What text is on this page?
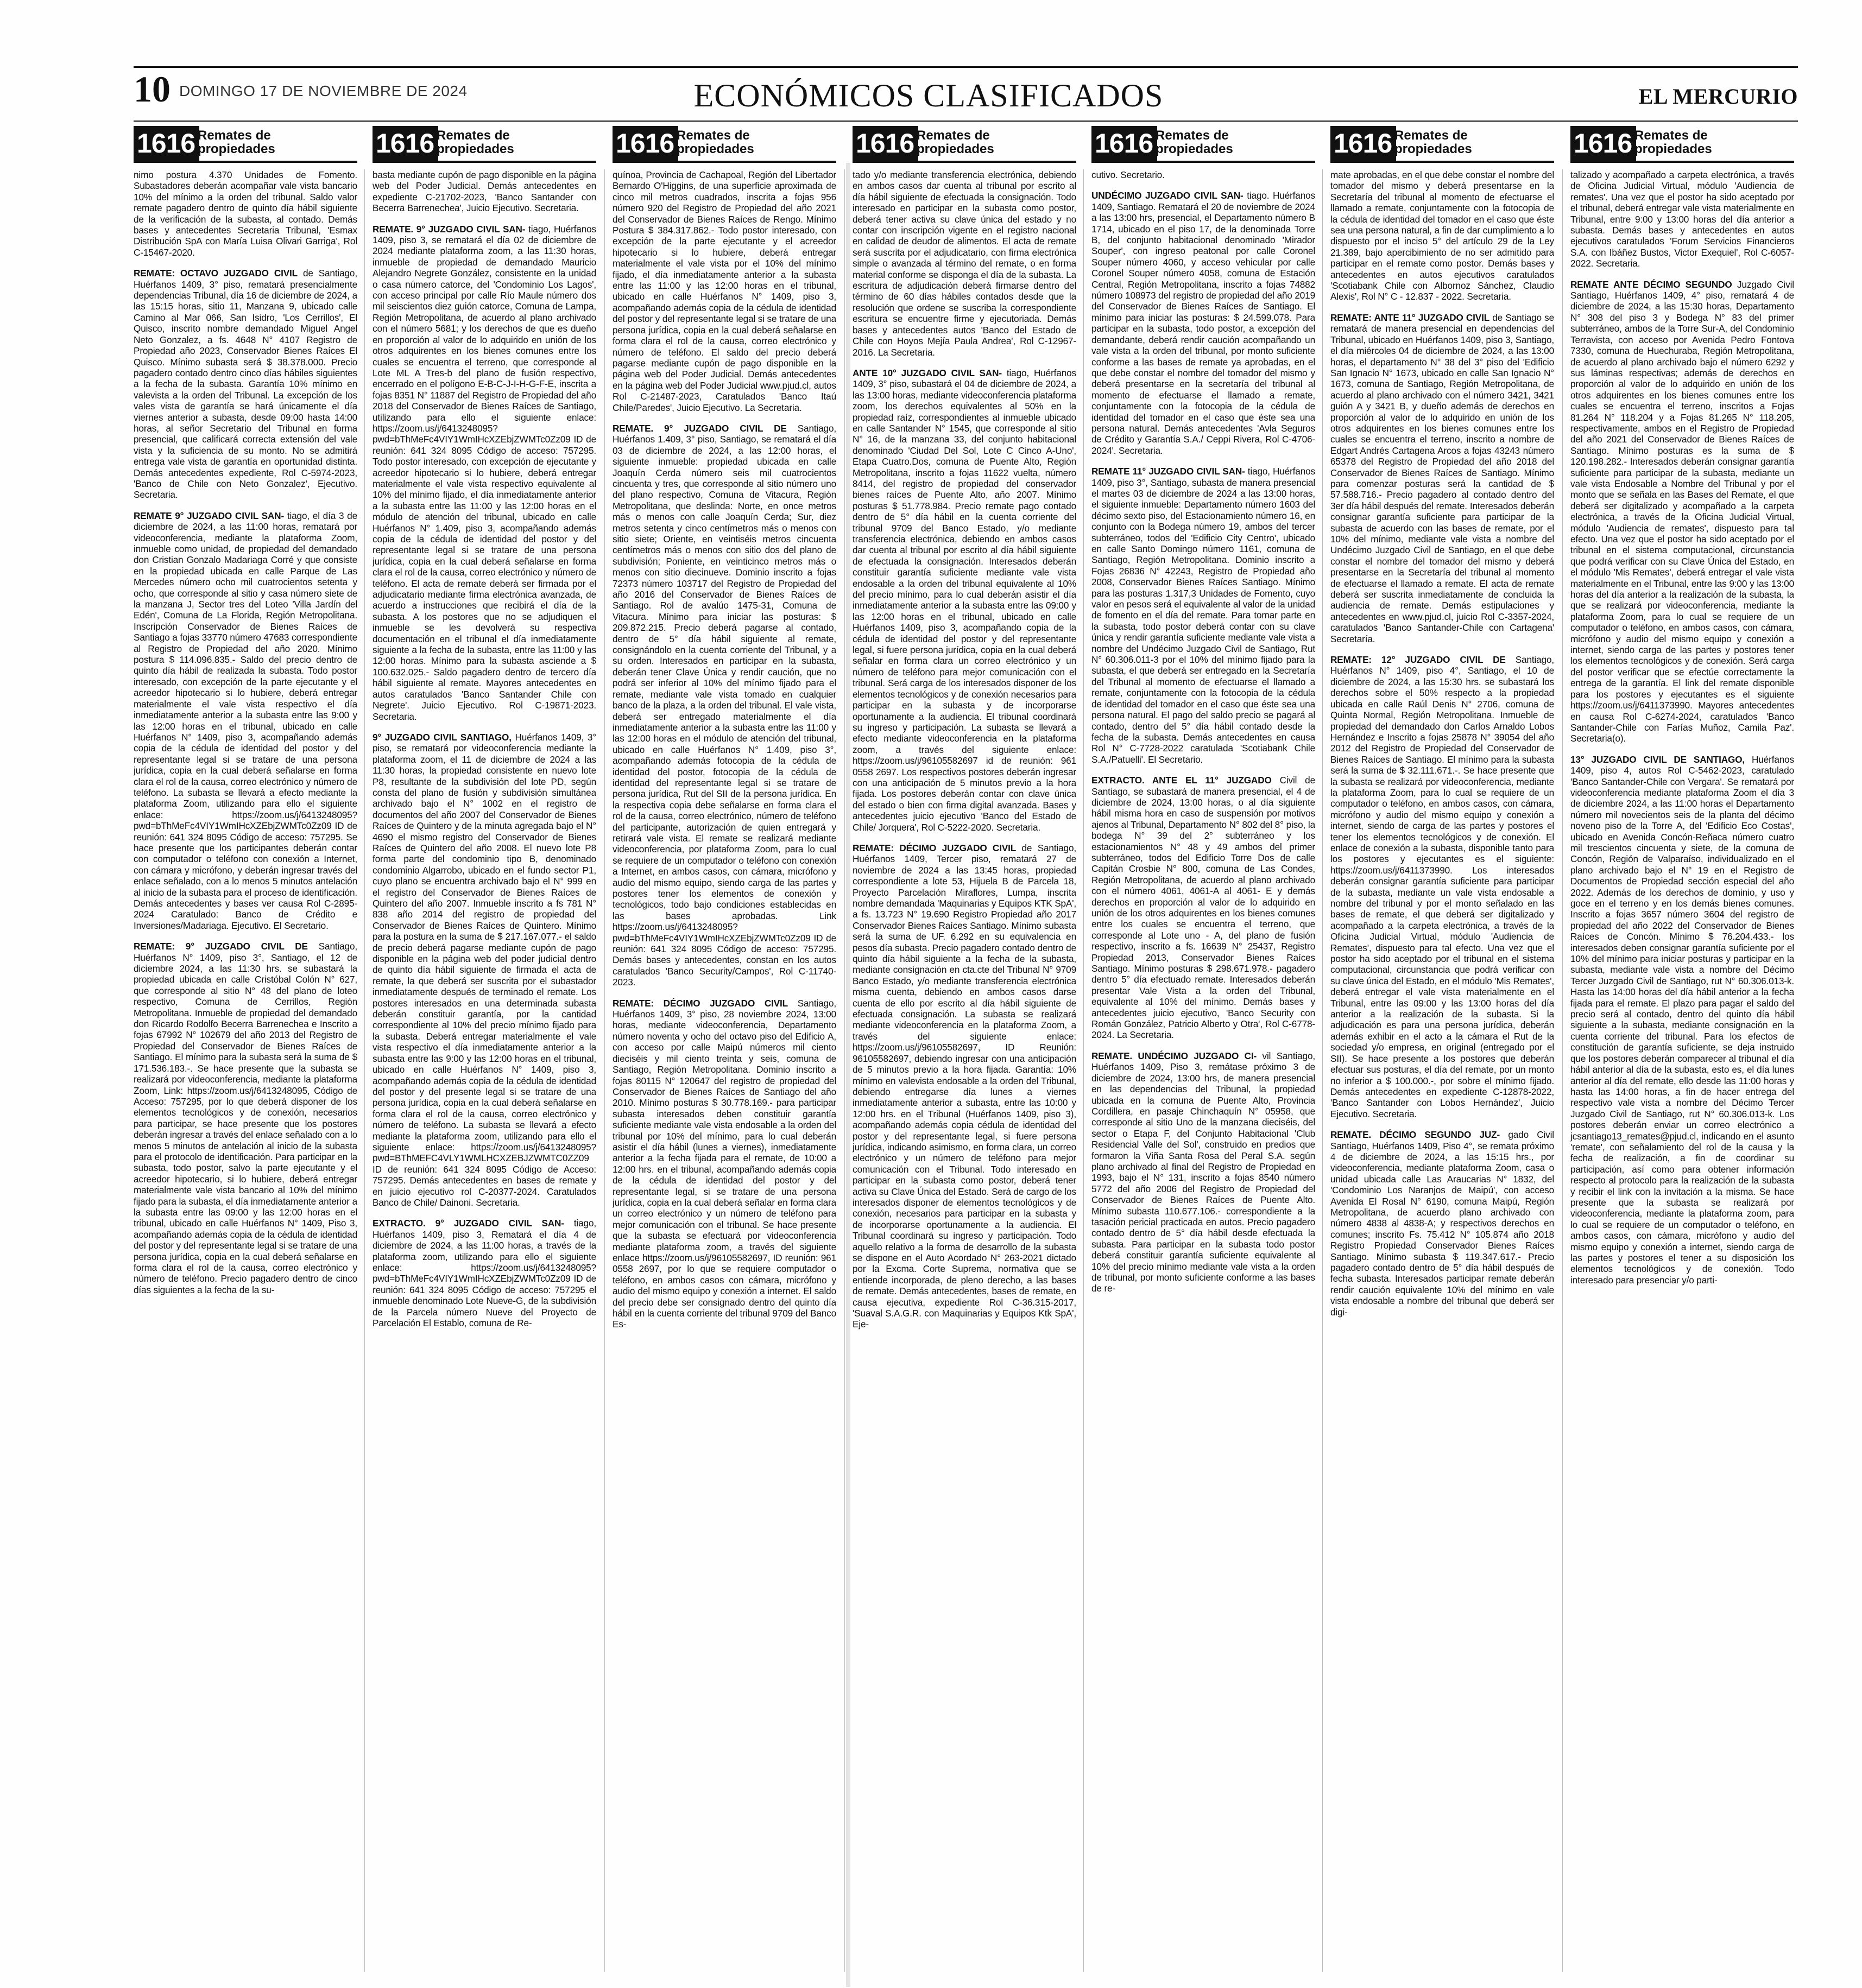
10 DOMINGO 17 DE NOVIEMBRE DE 2024	ECONÓMICOS CLASIFICADOS	EL MERCURIO
1616 Remates de
propiedades

nimo postura 4.370 Unidades de Fomento. Subastadores deberán acompañar vale vista bancario 10% del mínimo a la orden del tribunal. Saldo valor remate pagadero dentro de quinto día hábil siguiente de la verificación de la subasta, al contado. Demás bases y antecedentes Secretaria Tribunal, 'Esmax Distribución SpA con María Luisa Olivari Garriga', Rol C-15467-2020.

REMATE: OCTAVO JUZGADO CIVIL de Santiago, Huérfanos 1409, 3° piso, rematará presencialmente dependencias Tribunal, día 16 de diciembre de 2024, a las 15:15 horas, sitio 11, Manzana 9, ubicado calle Camino al Mar 066, San Isidro, 'Los Cerrillos', El Quisco, inscrito nombre demandado Miguel Angel Neto Gonzalez, a fs. 4648 N° 4107 Registro de Propiedad año 2023, Conservador Bienes Raíces El Quisco. Mínimo subasta será $ 38.378.000. Precio pagadero contado dentro cinco días hábiles siguientes a la fecha de la subasta. Garantía 10% mínimo en valevista a la orden del Tribunal. La excepción de los vales vista de garantía se hará únicamente el día viernes anterior a subasta, desde 09:00 hasta 14:00 horas, al señor Secretario del Tribunal en forma presencial, que calificará correcta extensión del vale vista y la suficiencia de su monto. No se admitirá entrega vale vista de garantía en oportunidad distinta. Demás antecedentes expediente, Rol C-5974-2023, 'Banco de Chile con Neto Gonzalez', Ejecutivo. Secretaria.

REMATE 9° JUZGADO CIVIL SAN- tiago, el día 3 de diciembre de 2024, a las 11:00 horas, rematará por videoconferencia, mediante la plataforma Zoom, inmueble como unidad, de propiedad del demandado don Cristian Gonzalo Madariaga Corré y que consiste en la propiedad ubicada en calle Parque de Las Mercedes número ocho mil cuatrocientos setenta y ocho, que corresponde al sitio y casa número siete de la manzana J, Sector tres del Loteo 'Villa Jardín del Edén', Comuna de La Florida, Región Metropolitana. Inscripción Conservador de Bienes Raíces de Santiago a fojas 33770 número 47683 correspondiente al Registro de Propiedad del año 2020. Mínimo postura $ 114.096.835.- Saldo del precio dentro de quinto día hábil de realizada la subasta. Todo postor interesado, con excepción de la parte ejecutante y el acreedor hipotecario si lo hubiere, deberá entregar materialmente el vale vista respectivo el día inmediatamente anterior a la subasta entre las 9:00 y las 12:00 horas en el tribunal, ubicado en calle Huérfanos N° 1409, piso 3, acompañando además copia de la cédula de identidad del postor y del representante legal si se tratare de una persona jurídica, copia en la cual deberá señalarse en forma clara el rol de la causa, correo electrónico y número de teléfono. La subasta se llevará a efecto mediante la plataforma Zoom, utilizando para ello el siguiente enlace: https://zoom.us/j/6413248095?pwd=bThMeFc4VIY1WmIHcXZEbjZWMTc0Zz09 ID de reunión: 641 324 8095 Código de acceso: 757295. Se hace presente que los participantes deberán contar con computador o teléfono con conexión a Internet, con cámara y micrófono, y deberán ingresar través del enlace señalado, con a lo menos 5 minutos antelación al inicio de la subasta para el proceso de identificación. Demás antecedentes y bases ver causa Rol C-2895-2024 Caratulado: Banco de Crédito e Inversiones/Madariaga. Ejecutivo. El Secretario.

REMATE: 9° JUZGADO CIVIL DE Santiago, Huérfanos N° 1409, piso 3°, Santiago, el 12 de diciembre 2024, a las 11:30 hrs. se subastará la propiedad ubicada en calle Cristóbal Colón N° 627, que corresponde al sitio N° 48 del plano de loteo respectivo, Comuna de Cerrillos, Región Metropolitana. Inmueble de propiedad del demandado don Ricardo Rodolfo Becerra Barrenechea e Inscrito a fojas 67992 N° 102679 del año 2013 del Registro de Propiedad del Conservador de Bienes Raíces de Santiago. El mínimo para la subasta será la suma de $ 171.536.183.-. Se hace presente que la subasta se realizará por videoconferencia, mediante la plataforma Zoom, Link: https://zoom.us/j/6413248095, Código de Acceso: 757295, por lo que deberá disponer de los elementos tecnológicos y de conexión, necesarios para participar, se hace presente que los postores deberán ingresar a través del enlace señalado con a lo menos 5 minutos de antelación al inicio de la subasta para el protocolo de identificación. Para participar en la subasta, todo postor, salvo la parte ejecutante y el acreedor hipotecario, si lo hubiere, deberá entregar materialmente vale vista bancario al 10% del mínimo fijado para la subasta, el día inmediatamente anterior a la subasta entre las 09:00 y las 12:00 horas en el tribunal, ubicado en calle Huérfanos N° 1409, Piso 3, acompañando además copia de la cédula de identidad del postor y del representante legal si se tratare de una persona jurídica, copia en la cual deberá señalarse en forma clara el rol de la causa, correo electrónico y número de teléfono. Precio pagadero dentro de cinco días siguientes a la fecha de la su-

1616 Remates de
propiedades

basta mediante cupón de pago disponible en la página web del Poder Judicial. Demás antecedentes en expediente C-21702-2023, 'Banco Santander con Becerra Barrenechea', Juicio Ejecutivo. Secretaria.

REMATE. 9° JUZGADO CIVIL SAN- tiago, Huérfanos 1409, piso 3, se rematará el día 02 de diciembre de 2024 mediante plataforma zoom, a las 11:30 horas, inmueble de propiedad de demandado Mauricio Alejandro Negrete González, consistente en la unidad o casa número catorce, del 'Condominio Los Lagos', con acceso principal por calle Río Maule número dos mil seiscientos diez guión catorce, Comuna de Lampa, Región Metropolitana, de acuerdo al plano archivado con el número 5681; y los derechos de que es dueño en proporción al valor de lo adquirido en unión de los otros adquirentes en los bienes comunes entre los cuales se encuentra el terreno, que corresponde al Lote ML A Tres-b del plano de fusión respectivo, encerrado en el polígono E-B-C-J-I-H-G-F-E, inscrita a fojas 8351 N° 11887 del Registro de Propiedad del año 2018 del Conservador de Bienes Raíces de Santiago, utilizando para ello el siguiente enlace: https://zoom.us/j/6413248095?pwd=bThMeFc4VIY1WmIHcXZEbjZWMTc0Zz09 ID de reunión: 641 324 8095 Código de acceso: 757295. Todo postor interesado, con excepción de ejecutante y acreedor hipotecario si lo hubiere, deberá entregar materialmente el vale vista respectivo equivalente al 10% del mínimo fijado, el día inmediatamente anterior a la subasta entre las 11:00 y las 12:00 horas en el módulo de atención del tribunal, ubicado en calle Huérfanos N° 1.409, piso 3, acompañando además copia de la cédula de identidad del postor y del representante legal si se tratare de una persona jurídica, copia en la cual deberá señalarse en forma clara el rol de la causa, correo electrónico y número de teléfono. El acta de remate deberá ser firmada por el adjudicatario mediante firma electrónica avanzada, de acuerdo a instrucciones que recibirá el día de la subasta. A los postores que no se adjudiquen el inmueble se les devolverá su respectiva documentación en el tribunal el día inmediatamente siguiente a la fecha de la subasta, entre las 11:00 y las 12:00 horas. Mínimo para la subasta asciende a $ 100.632.025.- Saldo pagadero dentro de tercero día hábil siguiente al remate. Mayores antecedentes en autos caratulados 'Banco Santander Chile con Negrete'. Juicio Ejecutivo. Rol C-19871-2023. Secretaria.

9° JUZGADO CIVIL SANTIAGO, Huérfanos 1409, 3° piso, se rematará por videoconferencia mediante la plataforma zoom, el 11 de diciembre de 2024 a las 11:30 horas, la propiedad consistente en nuevo lote P8, resultante de la subdivisión del lote PD, según consta del plano de fusión y subdivisión simultánea archivado bajo el N° 1002 en el registro de documentos del año 2007 del Conservador de Bienes Raíces de Quintero y de la minuta agregada bajo el N° 4690 el mismo registro del Conservador de Bienes Raíces de Quintero del año 2008. El nuevo lote P8 forma parte del condominio tipo B, denominado condominio Algarrobo, ubicado en el fundo sector P1, cuyo plano se encuentra archivado bajo el N° 999 en el registro del Conservador de Bienes Raíces de Quintero del año 2007. Inmueble inscrito a fs 781 N° 838 año 2014 del registro de propiedad del Conservador de Bienes Raíces de Quintero. Mínimo para la postura en la suma de $ 217.167.077.- el saldo de precio deberá pagarse mediante cupón de pago disponible en la página web del poder judicial dentro de quinto día hábil siguiente de firmada el acta de remate, la que deberá ser suscrita por el subastador inmediatamente después de terminado el remate. Los postores interesados en una determinada subasta deberán constituir garantía, por la cantidad correspondiente al 10% del precio mínimo fijado para la subasta. Deberá entregar materialmente el vale vista respectivo el día inmediatamente anterior a la subasta entre las 9:00 y las 12:00 horas en el tribunal, ubicado en calle Huérfanos N° 1409, piso 3, acompañando además copia de la cédula de identidad del postor y del presente legal si se tratare de una persona jurídica, copia en la cual deberá señalarse en forma clara el rol de la causa, correo electrónico y número de teléfono. La subasta se llevará a efecto mediante la plataforma zoom, utilizando para ello el siguiente enlace: https://zoom.us/j/6413248095?pwd=BThMEFC4VLY1WMLHCXZEBJZWMTC0ZZ09 ID de reunión: 641 324 8095 Código de Acceso: 757295. Demás antecedentes en bases de remate y en juicio ejecutivo rol C-20377-2024. Caratulados Banco de Chile/ Dainoni. Secretaria.

EXTRACTO. 9° JUZGADO CIVIL SAN- tiago, Huérfanos 1409, piso 3, Rematará el día 4 de diciembre de 2024, a las 11:00 horas, a través de la plataforma zoom, utilizando para ello el siguiente enlace: https://zoom.us/j/6413248095?pwd=bThMeFc4VIY1WmIHcXZEbjZWMTc0Zz09 ID de reunión: 641 324 8095 Código de acceso: 757295 el inmueble denominado Lote Nueve-G, de la subdivisión de la Parcela número Nueve del Proyecto de Parcelación El Establo, comuna de Re-

1616 Remates de
propiedades

quínoa, Provincia de Cachapoal, Región del Libertador Bernardo O'Higgins, de una superficie aproximada de cinco mil metros cuadrados, inscrita a fojas 956 número 920 del Registro de Propiedad del año 2021 del Conservador de Bienes Raíces de Rengo. Mínimo Postura $ 384.317.862.- Todo postor interesado, con excepción de la parte ejecutante y el acreedor hipotecario si lo hubiere, deberá entregar materialmente el vale vista por el 10% del mínimo fijado, el día inmediatamente anterior a la subasta entre las 11:00 y las 12:00 horas en el tribunal, ubicado en calle Huérfanos N° 1409, piso 3, acompañando además copia de la cédula de identidad del postor y del representante legal si se tratare de una persona jurídica, copia en la cual deberá señalarse en forma clara el rol de la causa, correo electrónico y número de teléfono. El saldo del precio deberá pagarse mediante cupón de pago disponible en la página web del Poder Judicial. Demás antecedentes en la página web del Poder Judicial www.pjud.cl, autos Rol C-21487-2023, Caratulados 'Banco Itaú Chile/Paredes', Juicio Ejecutivo. La Secretaria.

REMATE. 9° JUZGADO CIVIL DE Santiago, Huérfanos 1.409, 3° piso, Santiago, se rematará el día 03 de diciembre de 2024, a las 12:00 horas, el siguiente inmueble: propiedad ubicada en calle Joaquín Cerda número seis mil cuatrocientos cincuenta y tres, que corresponde al sitio número uno del plano respectivo, Comuna de Vitacura, Región Metropolitana, que deslinda: Norte, en once metros más o menos con calle Joaquín Cerda; Sur, diez metros setenta y cinco centímetros más o menos con sitio siete; Oriente, en veintiséis metros cincuenta centímetros más o menos con sitio dos del plano de subdivisión; Poniente, en veinticinco metros más o menos con sitio diecinueve. Dominio inscrito a fojas 72373 número 103717 del Registro de Propiedad del año 2016 del Conservador de Bienes Raíces de Santiago. Rol de avalúo 1475-31, Comuna de Vitacura. Mínimo para iniciar las posturas: $ 209.872.215. Precio deberá pagarse al contado, dentro de 5° día hábil siguiente al remate, consignándolo en la cuenta corriente del Tribunal, y a su orden. Interesados en participar en la subasta, deberán tener Clave Única y rendir caución, que no podrá ser inferior al 10% del mínimo fijado para el remate, mediante vale vista tomado en cualquier banco de la plaza, a la orden del tribunal. El vale vista, deberá ser entregado materialmente el día inmediatamente anterior a la subasta entre las 11:00 y las 12:00 horas en el módulo de atención del tribunal, ubicado en calle Huérfanos N° 1.409, piso 3°, acompañando además fotocopia de la cédula de identidad del postor, fotocopia de la cédula de identidad del representante legal si se tratare de persona jurídica, Rut del SII de la persona jurídica. En la respectiva copia debe señalarse en forma clara el rol de la causa, correo electrónico, número de teléfono del participante, autorización de quien entregará y retirará vale vista. El remate se realizará mediante videoconferencia, por plataforma Zoom, para lo cual se requiere de un computador o teléfono con conexión a Internet, en ambos casos, con cámara, micrófono y audio del mismo equipo, siendo carga de las partes y postores tener los elementos de conexión y tecnológicos, todo bajo condiciones establecidas en las bases aprobadas. Link https://zoom.us/j/6413248095?pwd=bThMeFc4VIY1WmIHcXZEbjZWMTc0Zz09 ID de reunión: 641 324 8095 Código de acceso: 757295. Demás bases y antecedentes, constan en los autos caratulados 'Banco Security/Campos', Rol C-11740-2023.

REMATE: DÉCIMO JUZGADO CIVIL Santiago, Huérfanos 1409, 3° piso, 28 noviembre 2024, 13:00 horas, mediante videoconferencia, Departamento número noventa y ocho del octavo piso del Edificio A, con acceso por calle Maipú números mil ciento dieciséis y mil ciento treinta y seis, comuna de Santiago, Región Metropolitana. Dominio inscrito a fojas 80115 N° 120647 del registro de propiedad del Conservador de Bienes Raíces de Santiago del año 2010. Mínimo posturas $ 30.778.169.- para participar subasta interesados deben constituir garantía suficiente mediante vale vista endosable a la orden del tribunal por 10% del mínimo, para lo cual deberán asistir el día hábil (lunes a viernes), inmediatamente anterior a la fecha fijada para el remate, de 10:00 a 12:00 hrs. en el tribunal, acompañando además copia de la cédula de identidad del postor y del representante legal, si se tratare de una persona jurídica, copia en la cual deberá señalar en forma clara un correo electrónico y un número de teléfono para mejor comunicación con el tribunal. Se hace presente que la subasta se efectuará por videoconferencia mediante plataforma zoom, a través del siguiente enlace https://zoom.us/j/96105582697, ID reunión: 961 0558 2697, por lo que se requiere computador o teléfono, en ambos casos con cámara, micrófono y audio del mismo equipo y conexión a internet. El saldo del precio debe ser consignado dentro del quinto día hábil en la cuenta corriente del tribunal 9709 del Banco Es-

1616 Remates de
propiedades

tado y/o mediante transferencia electrónica, debiendo en ambos casos dar cuenta al tribunal por escrito al día hábil siguiente de efectuada la consignación. Todo interesado en participar en la subasta como postor, deberá tener activa su clave única del estado y no contar con inscripción vigente en el registro nacional en calidad de deudor de alimentos. El acta de remate será suscrita por el adjudicatario, con firma electrónica simple o avanzada al término del remate, o en forma material conforme se disponga el día de la subasta. La escritura de adjudicación deberá firmarse dentro del término de 60 días hábiles contados desde que la resolución que ordene se suscriba la correspondiente escritura se encuentre firme y ejecutoriada. Demás bases y antecedentes autos 'Banco del Estado de Chile con Hoyos Mejía Paula Andrea', Rol C-12967-2016. La Secretaria.

ANTE 10° JUZGADO CIVIL SAN- tiago, Huérfanos 1409, 3° piso, subastará el 04 de diciembre de 2024, a las 13:00 horas, mediante videoconferencia plataforma zoom, los derechos equivalentes al 50% en la propiedad raíz, correspondientes al inmueble ubicado en calle Santander N° 1545, que corresponde al sitio N° 16, de la manzana 33, del conjunto habitacional denominado 'Ciudad Del Sol, Lote C Cinco A-Uno', Etapa Cuatro.Dos, comuna de Puente Alto, Región Metropolitana, inscrito a fojas 11622 vuelta, número 8414, del registro de propiedad del conservador bienes raíces de Puente Alto, año 2007. Mínimo posturas $ 51.778.984. Precio remate pago contado dentro de 5° día hábil en la cuenta corriente del tribunal 9709 del Banco Estado, y/o mediante transferencia electrónica, debiendo en ambos casos dar cuenta al tribunal por escrito al día hábil siguiente de efectuada la consignación. Interesados deberán constituir garantía suficiente mediante vale vista endosable a la orden del tribunal equivalente al 10% del precio mínimo, para lo cual deberán asistir el día inmediatamente anterior a la subasta entre las 09:00 y las 12:00 horas en el tribunal, ubicado en calle Huérfanos 1409, piso 3, acompañando copia de la cédula de identidad del postor y del representante legal, si fuere persona jurídica, copia en la cual deberá señalar en forma clara un correo electrónico y un número de teléfono para mejor comunicación con el tribunal. Será carga de los interesados disponer de los elementos tecnológicos y de conexión necesarios para participar en la subasta y de incorporarse oportunamente a la audiencia. El tribunal coordinará su ingreso y participación. La subasta se llevará a efecto mediante videoconferencia en la plataforma zoom, a través del siguiente enlace: https://zoom.us/j/96105582697 id de reunión: 961 0558 2697. Los respectivos postores deberán ingresar con una anticipación de 5 minutos previo a la hora fijada. Los postores deberán contar con clave única del estado o bien con firma digital avanzada. Bases y antecedentes juicio ejecutivo 'Banco del Estado de Chile/ Jorquera', Rol C-5222-2020. Secretaria.

REMATE: DÉCIMO JUZGADO CIVIL de Santiago, Huérfanos 1409, Tercer piso, rematará 27 de noviembre de 2024 a las 13:45 horas, propiedad correspondiente a lote 53, Hijuela B de Parcela 18, Proyecto Parcelación Miraflores, Lumpa, inscrita nombre demandada 'Maquinarias y Equipos KTK SpA', a fs. 13.723 N° 19.690 Registro Propiedad año 2017 Conservador Bienes Raíces Santiago. Mínimo subasta será la suma de UF. 6.292 en su equivalencia en pesos día subasta. Precio pagadero contado dentro de quinto día hábil siguiente a la fecha de la subasta, mediante consignación en cta.cte del Tribunal N° 9709 Banco Estado, y/o mediante transferencia electrónica misma cuenta, debiendo en ambos casos darse cuenta de ello por escrito al día hábil siguiente de efectuada consignación. La subasta se realizará mediante videoconferencia en la plataforma Zoom, a través del siguiente enlace: https://zoom.us/j/96105582697, ID Reunión: 96105582697, debiendo ingresar con una anticipación de 5 minutos previo a la hora fijada. Garantía: 10% mínimo en valevista endosable a la orden del Tribunal, debiendo entregarse día lunes a viernes inmediatamente anterior a subasta, entre las 10:00 y 12:00 hrs. en el Tribunal (Huérfanos 1409, piso 3), acompañando además copia cédula de identidad del postor y del representante legal, si fuere persona jurídica, indicando asimismo, en forma clara, un correo electrónico y un número de teléfono para mejor comunicación con el Tribunal. Todo interesado en participar en la subasta como postor, deberá tener activa su Clave Única del Estado. Será de cargo de los interesados disponer de elementos tecnológicos y de conexión, necesarios para participar en la subasta y de incorporarse oportunamente a la audiencia. El Tribunal coordinará su ingreso y participación. Todo aquello relativo a la forma de desarrollo de la subasta se dispone en el Auto Acordado N° 263-2021 dictado por la Excma. Corte Suprema, normativa que se entiende incorporada, de pleno derecho, a las bases de remate. Demás antecedentes, bases de remate, en causa ejecutiva, expediente Rol C-36.315-2017, 'Suaval S.A.G.R. con Maquinarias y Equipos Ktk SpA', Eje-

1616 Remates de
propiedades

cutivo. Secretario.

UNDÉCIMO JUZGADO CIVIL SAN- tiago. Huérfanos 1409, Santiago. Rematará el 20 de noviembre de 2024 a las 13:00 hrs, presencial, el Departamento número B 1714, ubicado en el piso 17, de la denominada Torre B, del conjunto habitacional denominado 'Mirador Souper', con ingreso peatonal por calle Coronel Souper número 4060, y acceso vehicular por calle Coronel Souper número 4058, comuna de Estación Central, Región Metropolitana, inscrito a fojas 74882 número 108973 del registro de propiedad del año 2019 del Conservador de Bienes Raíces de Santiago. El mínimo para iniciar las posturas: $ 24.599.078. Para participar en la subasta, todo postor, a excepción del demandante, deberá rendir caución acompañando un vale vista a la orden del tribunal, por monto suficiente conforme a las bases de remate ya aprobadas, en el que debe constar el nombre del tomador del mismo y deberá presentarse en la secretaría del tribunal al momento de efectuarse el llamado a remate, conjuntamente con la fotocopia de la cédula de identidad del tomador en el caso que éste sea una persona natural. Demás antecedentes 'Avla Seguros de Crédito y Garantía S.A./ Ceppi Rivera, Rol C-4706-2024'. Secretaria.

REMATE 11° JUZGADO CIVIL SAN- tiago, Huérfanos 1409, piso 3°, Santiago, subasta de manera presencial el martes 03 de diciembre de 2024 a las 13:00 horas, el siguiente inmueble: Departamento número 1603 del décimo sexto piso, del Estacionamiento número 16, en conjunto con la Bodega número 19, ambos del tercer subterráneo, todos del 'Edificio City Centro', ubicado en calle Santo Domingo número 1161, comuna de Santiago, Región Metropolitana. Dominio inscrito a Fojas 26836 N° 42243, Registro de Propiedad año 2008, Conservador Bienes Raíces Santiago. Mínimo para las posturas 1.317,3 Unidades de Fomento, cuyo valor en pesos será el equivalente al valor de la unidad de fomento en el día del remate. Para tomar parte en la subasta, todo postor deberá contar con su clave única y rendir garantía suficiente mediante vale vista a nombre del Undécimo Juzgado Civil de Santiago, Rut N° 60.306.011-3 por el 10% del mínimo fijado para la subasta, el que deberá ser entregado en la Secretaría del Tribunal al momento de efectuarse el llamado a remate, conjuntamente con la fotocopia de la cédula de identidad del tomador en el caso que éste sea una persona natural. El pago del saldo precio se pagará al contado, dentro del 5° día hábil contado desde la fecha de la subasta. Demás antecedentes en causa Rol N° C-7728-2022 caratulada 'Scotiabank Chile S.A./Patuelli'. El Secretario.

EXTRACTO. ANTE EL 11° JUZGADO Civil de Santiago, se subastará de manera presencial, el 4 de diciembre de 2024, 13:00 horas, o al día siguiente hábil misma hora en caso de suspensión por motivos ajenos al Tribunal, Departamento N° 802 del 8° piso, la bodega N° 39 del 2° subterráneo y los estacionamientos N° 48 y 49 ambos del primer subterráneo, todos del Edificio Torre Dos de calle Capitán Crosbie N° 800, comuna de Las Condes, Región Metropolitana, de acuerdo al plano archivado con el número 4061, 4061-A al 4061- E y demás derechos en proporción al valor de lo adquirido en unión de los otros adquirentes en los bienes comunes entre los cuales se encuentra el terreno, que corresponde al Lote uno - A, del plano de fusión respectivo, inscrito a fs. 16639 N° 25437, Registro Propiedad 2013, Conservador Bienes Raíces Santiago. Mínimo posturas $ 298.671.978.- pagadero dentro 5° día efectuado remate. Interesados deberán presentar Vale Vista a la orden del Tribunal, equivalente al 10% del mínimo. Demás bases y antecedentes juicio ejecutivo, 'Banco Security con Román González, Patricio Alberto y Otra', Rol C-6778-2024. La Secretaria.

REMATE. UNDÉCIMO JUZGADO CI- vil Santiago, Huérfanos 1409, Piso 3, remátase próximo 3 de diciembre de 2024, 13:00 hrs, de manera presencial en las dependencias del Tribunal, la propiedad ubicada en la comuna de Puente Alto, Provincia Cordillera, en pasaje Chinchaquín N° 05958, que corresponde al sitio Uno de la manzana dieciséis, del sector o Etapa F, del Conjunto Habitacional 'Club Residencial Valle del Sol', construido en predios que formaron la Viña Santa Rosa del Peral S.A. según plano archivado al final del Registro de Propiedad en 1993, bajo el N° 131, inscrito a fojas 8540 número 5772 del año 2006 del Registro de Propiedad del Conservador de Bienes Raíces de Puente Alto. Mínimo subasta 110.677.106.- correspondiente a la tasación pericial practicada en autos. Precio pagadero contado dentro de 5° día hábil desde efectuada la subasta. Para participar en la subasta todo postor deberá constituir garantía suficiente equivalente al 10% del precio mínimo mediante vale vista a la orden de tribunal, por monto suficiente conforme a las bases de re-

1616 Remates de
propiedades

mate aprobadas, en el que debe constar el nombre del tomador del mismo y deberá presentarse en la Secretaría del tribunal al momento de efectuarse el llamado a remate, conjuntamente con la fotocopia de la cédula de identidad del tomador en el caso que éste sea una persona natural, a fin de dar cumplimiento a lo dispuesto por el inciso 5° del artículo 29 de la Ley 21.389, bajo apercibimiento de no ser admitido para participar en el remate como postor. Demás bases y antecedentes en autos ejecutivos caratulados 'Scotiabank Chile con Albornoz Sánchez, Claudio Alexis', Rol N° C - 12.837 - 2022. Secretaria.

REMATE: ANTE 11° JUZGADO CIVIL de Santiago se rematará de manera presencial en dependencias del Tribunal, ubicado en Huérfanos 1409, piso 3, Santiago, el día miércoles 04 de diciembre de 2024, a las 13:00 horas, el departamento N° 38 del 3° piso del 'Edificio San Ignacio N° 1673, ubicado en calle San Ignacio N° 1673, comuna de Santiago, Región Metropolitana, de acuerdo al plano archivado con el número 3421, 3421 guión A y 3421 B, y dueño además de derechos en proporción al valor de lo adquirido en unión de los otros adquirentes en los bienes comunes entre los cuales se encuentra el terreno, inscrito a nombre de Edgart Andrés Cartagena Arcos a fojas 43243 número 65378 del Registro de Propiedad del año 2018 del Conservador de Bienes Raíces de Santiago. Mínimo para comenzar posturas será la cantidad de $ 57.588.716.- Precio pagadero al contado dentro del 3er día hábil después del remate. Interesados deberán consignar garantía suficiente para participar de la subasta de acuerdo con las bases de remate, por el 10% del mínimo, mediante vale vista a nombre del Undécimo Juzgado Civil de Santiago, en el que debe constar el nombre del tomador del mismo y deberá presentarse en la Secretaría del tribunal al momento de efectuarse el llamado a remate. El acta de remate deberá ser suscrita inmediatamente de concluida la audiencia de remate. Demás estipulaciones y antecedentes en www.pjud.cl, juicio Rol C-3357-2024, caratulados 'Banco Santander-Chile con Cartagena' Secretaría.

REMATE: 12° JUZGADO CIVIL DE Santiago, Huérfanos N° 1409, piso 4°, Santiago, el 10 de diciembre de 2024, a las 15:30 hrs. se subastará los derechos sobre el 50% respecto a la propiedad ubicada en calle Raúl Denis N° 2706, comuna de Quinta Normal, Región Metropolitana. Inmueble de propiedad del demandado don Carlos Arnaldo Lobos Hernández e Inscrito a fojas 25878 N° 39054 del año 2012 del Registro de Propiedad del Conservador de Bienes Raíces de Santiago. El mínimo para la subasta será la suma de $ 32.111.671.-. Se hace presente que la subasta se realizará por videoconferencia, mediante la plataforma Zoom, para lo cual se requiere de un computador o teléfono, en ambos casos, con cámara, micrófono y audio del mismo equipo y conexión a internet, siendo de carga de las partes y postores el tener los elementos tecnológicos y de conexión. El enlace de conexión a la subasta, disponible tanto para los postores y ejecutantes es el siguiente: https://zoom.us/j/6411373990. Los interesados deberán consignar garantía suficiente para participar de la subasta, mediante un vale vista endosable a nombre del tribunal y por el monto señalado en las bases de remate, el que deberá ser digitalizado y acompañado a la carpeta electrónica, a través de la Oficina Judicial Virtual, módulo 'Audiencia de Remates', dispuesto para tal efecto. Una vez que el postor ha sido aceptado por el tribunal en el sistema computacional, circunstancia que podrá verificar con su clave única del Estado, en el módulo 'Mis Remates', deberá entregar el vale vista materialmente en el Tribunal, entre las 09:00 y las 13:00 horas del día anterior a la realización de la subasta. Si la adjudicación es para una persona jurídica, deberán además exhibir en el acto a la cámara el Rut de la sociedad y/o empresa, en original (entregado por el SII). Se hace presente a los postores que deberán efectuar sus posturas, el día del remate, por un monto no inferior a $ 100.000.-, por sobre el mínimo fijado. Demás antecedentes en expediente C-12878-2022, 'Banco Santander con Lobos Hernández', Juicio Ejecutivo. Secretaria.

REMATE. DÉCIMO SEGUNDO JUZ- gado Civil Santiago, Huérfanos 1409, Piso 4°, se remata próximo 4 de diciembre de 2024, a las 15:15 hrs., por videoconferencia, mediante plataforma Zoom, casa o unidad ubicada calle Las Araucarias N° 1832, del 'Condominio Los Naranjos de Maipú', con acceso Avenida El Rosal N° 6190, comuna Maipú, Región Metropolitana, de acuerdo plano archivado con número 4838 al 4838-A; y respectivos derechos en comunes; inscrito Fs. 75.412 N° 105.874 año 2018 Registro Propiedad Conservador Bienes Raíces Santiago. Mínimo subasta $ 119.347.617.- Precio pagadero contado dentro de 5° día hábil después de fecha subasta. Interesados participar remate deberán rendir caución equivalente 10% del mínimo en vale vista endosable a nombre del tribunal que deberá ser digi-

1616 Remates de
propiedades

talizado y acompañado a carpeta electrónica, a través de Oficina Judicial Virtual, módulo 'Audiencia de remates'. Una vez que el postor ha sido aceptado por el tribunal, deberá entregar vale vista materialmente en Tribunal, entre 9:00 y 13:00 horas del día anterior a subasta. Demás bases y antecedentes en autos ejecutivos caratulados 'Forum Servicios Financieros S.A. con Ibáñez Bustos, Victor Exequiel', Rol C-6057-2022. Secretaria.

REMATE ANTE DÉCIMO SEGUNDO Juzgado Civil Santiago, Huérfanos 1409, 4° piso, rematará 4 de diciembre de 2024, a las 15:30 horas, Departamento N° 308 del piso 3 y Bodega N° 83 del primer subterráneo, ambos de la Torre Sur-A, del Condominio Terravista, con acceso por Avenida Pedro Fontova 7330, comuna de Huechuraba, Región Metropolitana, de acuerdo al plano archivado bajo el número 6292 y sus láminas respectivas; además de derechos en proporción al valor de lo adquirido en unión de los otros adquirentes en los bienes comunes entre los cuales se encuentra el terreno, inscritos a Fojas 81.264 N° 118.204 y a Fojas 81.265 N° 118.205, respectivamente, ambos en el Registro de Propiedad del año 2021 del Conservador de Bienes Raíces de Santiago. Mínimo posturas es la suma de $ 120.198.282.- Interesados deberán consignar garantía suficiente para participar de la subasta, mediante un vale vista Endosable a Nombre del Tribunal y por el monto que se señala en las Bases del Remate, el que deberá ser digitalizado y acompañado a la carpeta electrónica, a través de la Oficina Judicial Virtual, módulo 'Audiencia de remates', dispuesto para tal efecto. Una vez que el postor ha sido aceptado por el tribunal en el sistema computacional, circunstancia que podrá verificar con su Clave Única del Estado, en el módulo 'Mis Remates', deberá entregar el vale vista materialmente en el Tribunal, entre las 9:00 y las 13:00 horas del día anterior a la realización de la subasta, la que se realizará por videoconferencia, mediante la plataforma Zoom, para lo cual se requiere de un computador o teléfono, en ambos casos, con cámara, micrófono y audio del mismo equipo y conexión a internet, siendo carga de las partes y postores tener los elementos tecnológicos y de conexión. Será carga del postor verificar que se efectúe correctamente la entrega de la garantía. El link del remate disponible para los postores y ejecutantes es el siguiente https://zoom.us/j/6411373990. Mayores antecedentes en causa Rol C-6274-2024, caratulados 'Banco Santander-Chile con Farías Muñoz, Camila Paz'. Secretaria(o).

13° JUZGADO CIVIL DE SANTIAGO, Huérfanos 1409, piso 4, autos Rol C-5462-2023, caratulado 'Banco Santander-Chile con Vergara'. Se rematará por videoconferencia mediante plataforma Zoom el día 3 de diciembre 2024, a las 11:00 horas el Departamento número mil novecientos seis de la planta del décimo noveno piso de la Torre A, del 'Edificio Eco Costas', ubicado en Avenida Concón-Reñaca número cuatro mil trescientos cincuenta y siete, de la comuna de Concón, Región de Valparaíso, individualizado en el plano archivado bajo el N° 19 en el Registro de Documentos de Propiedad sección especial del año 2022. Además de los derechos de dominio, y uso y goce en el terreno y en los demás bienes comunes. Inscrito a fojas 3657 número 3604 del registro de propiedad del año 2022 del Conservador de Bienes Raíces de Concón. Mínimo $ 76.204.433.- los interesados deben consignar garantía suficiente por el 10% del mínimo para iniciar posturas y participar en la subasta, mediante vale vista a nombre del Décimo Tercer Juzgado Civil de Santiago, rut N° 60.306.013-k. Hasta las 14:00 horas del día hábil anterior a la fecha fijada para el remate. El plazo para pagar el saldo del precio será al contado, dentro del quinto día hábil siguiente a la subasta, mediante consignación en la cuenta corriente del tribunal. Para los efectos de constitución de garantía suficiente, se deja instruido que los postores deberán comparecer al tribunal el día hábil anterior al día de la subasta, esto es, el día lunes anterior al día del remate, ello desde las 11:00 horas y hasta las 14:00 horas, a fin de hacer entrega del respectivo vale vista a nombre del Décimo Tercer Juzgado Civil de Santiago, rut N° 60.306.013-k. Los postores deberán enviar un correo electrónico a jcsantiago13_remates@pjud.cl, indicando en el asunto 'remate', con señalamiento del rol de la causa y la fecha de realización, a fin de coordinar su participación, así como para obtener información respecto al protocolo para la realización de la subasta y recibir el link con la invitación a la misma. Se hace presente que la subasta se realizará por videoconferencia, mediante la plataforma zoom, para lo cual se requiere de un computador o teléfono, en ambos casos, con cámara, micrófono y audio del mismo equipo y conexión a internet, siendo carga de las partes y postores el tener a su disposición los elementos tecnológicos y de conexión. Todo interesado para presenciar y/o parti-
